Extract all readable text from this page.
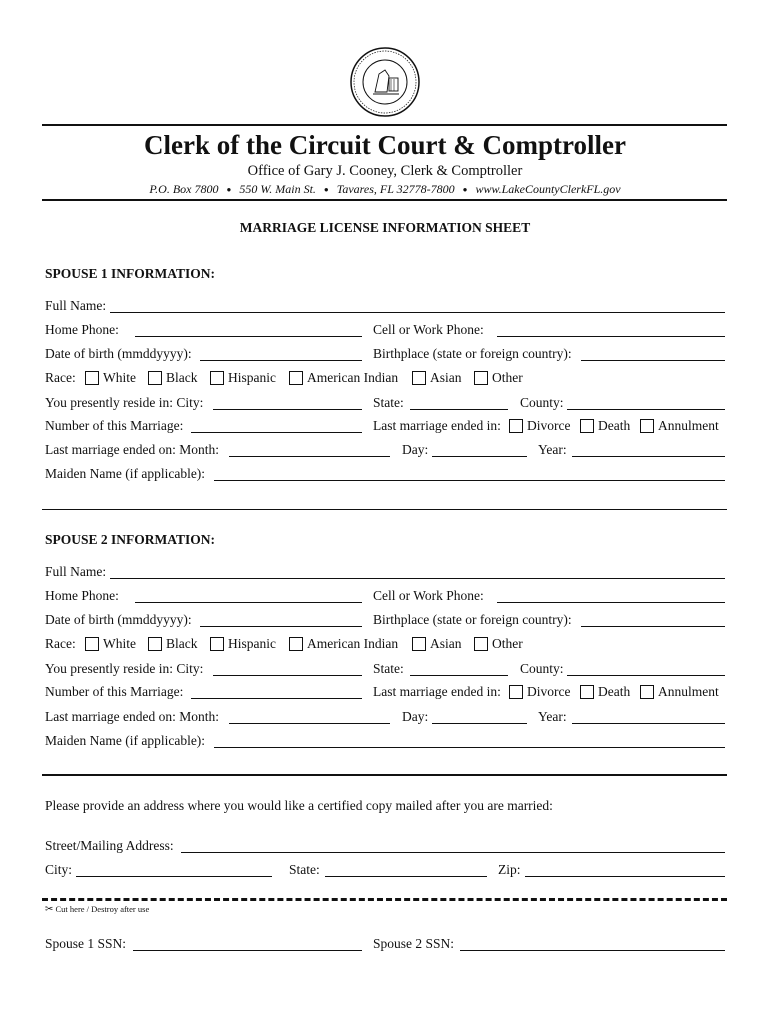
Clerk of the Circuit Court & Comptroller
Office of Gary J. Cooney, Clerk & Comptroller
P.O. Box 7800 ● 550 W. Main St. ● Tavares, FL 32778-7800 ● www.LakeCountyClerkFL.gov
MARRIAGE LICENSE INFORMATION SHEET
SPOUSE 1 INFORMATION:
Full Name:
Home Phone:	Cell or Work Phone:
Date of birth (mmddyyyy):	Birthplace (state or foreign country):
Race: White Black Hispanic American Indian Asian Other
You presently reside in: City:	State:	County:
Number of this Marriage:	Last marriage ended in: Divorce Death Annulment
Last marriage ended on: Month:	Day:	Year:
Maiden Name (if applicable):
SPOUSE 2 INFORMATION:
Full Name:
Home Phone:	Cell or Work Phone:
Date of birth (mmddyyyy):	Birthplace (state or foreign country):
Race: White Black Hispanic American Indian Asian Other
You presently reside in: City:	State:	County:
Number of this Marriage:	Last marriage ended in: Divorce Death Annulment
Last marriage ended on: Month:	Day:	Year:
Maiden Name (if applicable):
Please provide an address where you would like a certified copy mailed after you are married:
Street/Mailing Address:
City:	State:	Zip:
✂ Cut here / Destroy after use
Spouse 1 SSN:	Spouse 2 SSN:
